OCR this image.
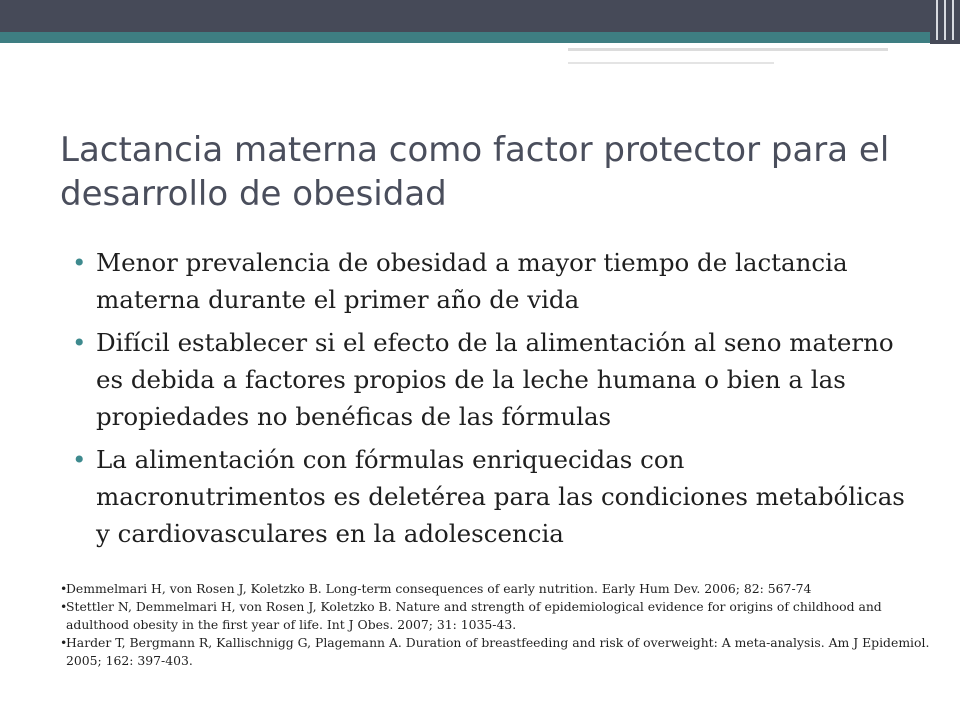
Lactancia materna como factor protector para el desarrollo de obesidad
• Menor prevalencia de obesidad a mayor tiempo de lactancia materna durante el primer año de vida
• Difícil establecer si el efecto de la alimentación al seno materno es debida a factores propios de la leche humana o bien a las propiedades no benéficas de las fórmulas
• La alimentación con fórmulas enriquecidas con macronutrimentos es deletérea para las condiciones metabólicas y cardiovasculares en la adolescencia
•
Demmelmari H, von Rosen J, Koletzko B. Long-term consequences of early nutrition. Early Hum Dev. 2006; 82: 567-74
•
Stettler N, Demmelmari H, von Rosen J, Koletzko B. Nature and strength of epidemiological evidence for origins of childhood and adulthood obesity in the first year of life. Int J Obes. 2007; 31: 1035-43.
•
Harder T, Bergmann R, Kallischnigg G, Plagemann A. Duration of breastfeeding and risk of overweight: A meta-analysis. Am J Epidemiol. 2005; 162: 397-403.
